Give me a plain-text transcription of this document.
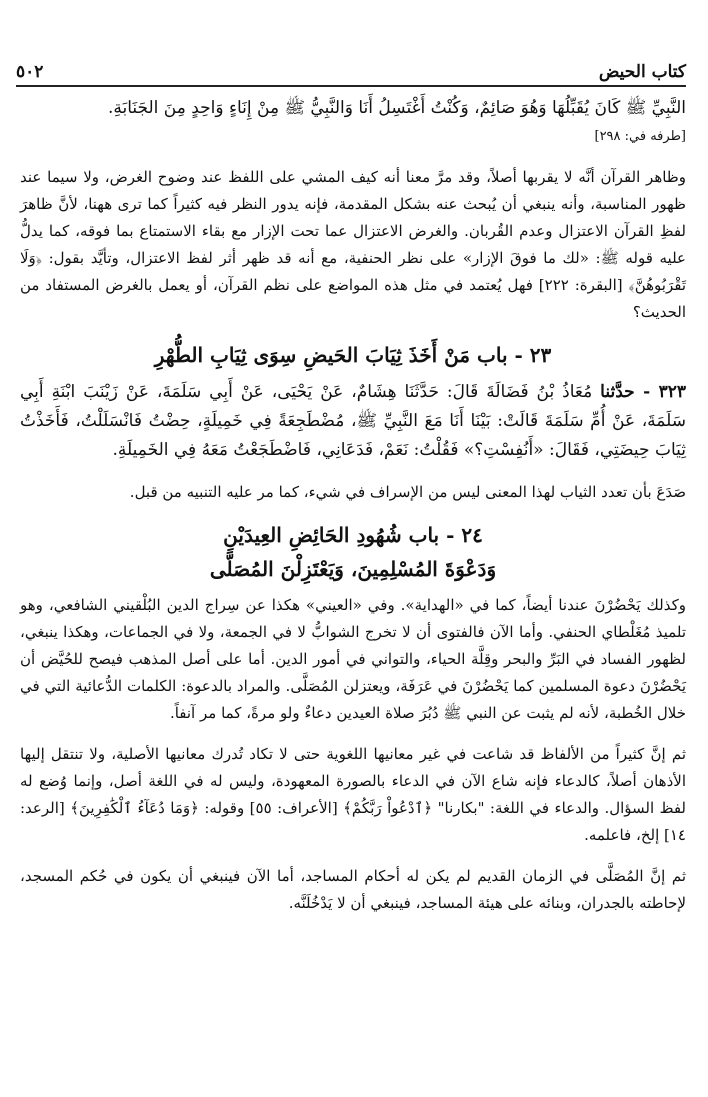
كتاب الحيض
٥٠٢

النَّبِيِّ ﷺ كَانَ يُقَبِّلُهَا وَهُوَ صَائِمٌ، وَكُنْتُ أَغْتَسِلُ أَنَا وَالنَّبِيُّ ﷺ مِنْ إِنَاءٍ وَاحِدٍ مِنَ الجَنَابَةِ.

[طرفه في: ٢٩٨]

وظاهر القرآن أنَّه لا يقربها أصلاً، وقد مرَّ معنا أنه كيف المشي على اللفظ عند وضوح الغرض، ولا سيما عند ظهور المناسبة، وأنه ينبغي أن يُبحث عنه بشكل المقدمة، فإنه يدور النظر فيه كثيراً كما ترى ههنا، لأنَّ ظاهرَ لفظِ القرآن الاعتزال وعدم القُربان. والغرض الاعتزال عما تحت الإزار مع بقاء الاستمتاع بما فوقه، كما يدلُّ عليه قوله ﷺ: «لك ما فوقَ الإزار» على نظر الحنفية، مع أنه قد ظهر أثر لفظ الاعتزال، وتأيَّد بقول: ﴿وَلَا تَقْرَبُوهُنَّ﴾ [البقرة: ٢٢٢] فهل يُعتمد في مثل هذه المواضع على نظم القرآن، أو يعمل بالغرض المستفاد من الحديث؟

٢٣ - باب مَنْ أَخَذَ ثِيَابَ الحَيضِ سِوَى ثِيَابِ الطُّهْرِ

٣٢٣ - حدَّثنا مُعَاذُ بْنُ فَضَالَةَ قَالَ: حَدَّثَنَا هِشَامٌ، عَنْ يَحْيَى، عَنْ أَبِي سَلَمَةَ، عَنْ زَيْنَبَ ابْنَةِ أَبِي سَلَمَةَ، عَنْ أُمِّ سَلَمَةَ قَالَتْ: بَيْنَا أَنَا مَعَ النَّبِيِّ ﷺ، مُضْطَجِعَةً فِي خَمِيلَةٍ، حِضْتُ فَانْسَلَلْتُ، فَأَخَذْتُ ثِيَابَ حِيضَتِي، فَقَالَ: «أَنُفِسْتِ؟» فَقُلْتُ: نَعَمْ، فَدَعَانِي، فَاضْطَجَعْتُ مَعَهُ فِي الخَمِيلَةِ.

صَدَعَ بأن تعدد الثياب لهذا المعنى ليس من الإسراف في شيء، كما مر عليه التنبيه من قبل.

٢٤ - باب شُهُودِ الحَائِضِ العِيدَيْنِ
وَدَعْوَةَ المُسْلِمِينَ، وَيَعْتَزِلْنَ المُصَلَّى

وكذلك يَحْضُرْنَ عندنا أيضاً، كما في «الهداية». وفي «العيني» هكذا عن سِراج الدين البُلْقيني الشافعي، وهو تلميذ مُغَلْطاي الحنفي. وأما الآن فالفتوى أن لا تخرج الشوابُّ لا في الجمعة، ولا في الجماعات، وهكذا ينبغي، لظهور الفساد في البَرِّ والبحر وقِلَّة الحياء، والتواني في أمور الدين. أما على أصل المذهب فيصح للحُيَّض أن يَحْضُرْنَ دعوة المسلمين كما يَحْضُرْنَ في عَرَفَة، ويعتزلن المُصَلَّى. والمراد بالدعوة: الكلمات الدُّعائية التي في خلال الخُطبة، لأنه لم يثبت عن النبي ﷺ دُبُرَ صلاة العيدين دعاءٌ ولو مرةً، كما مر آنفاً.

ثم إنَّ كثيراً من الألفاظ قد شاعت في غير معانيها اللغوية حتى لا تكاد تُدرك معانيها الأصلية، ولا تنتقل إليها الأذهان أصلاً، كالدعاء فإنه شاع الآن في الدعاء بالصورة المعهودة، وليس له في اللغة أصل، وإنما وُضع له لفظ السؤال. والدعاء في اللغة: "بكارنا" ﴿ٱدْعُواْ رَبَّكُمْ﴾ [الأعراف: ٥٥] وقوله: ﴿وَمَا دُعَآءُ ٱلْكَٰفِرِينَ﴾ [الرعد: ١٤] إلخ، فاعلمه.

ثم إنَّ المُصَلَّى في الزمان القديم لم يكن له أحكام المساجد، أما الآن فينبغي أن يكون في حُكم المسجد، لإحاطته بالجدران، وبنائه على هيئة المساجد، فينبغي أن لا يَدْخُلَنَّه.
